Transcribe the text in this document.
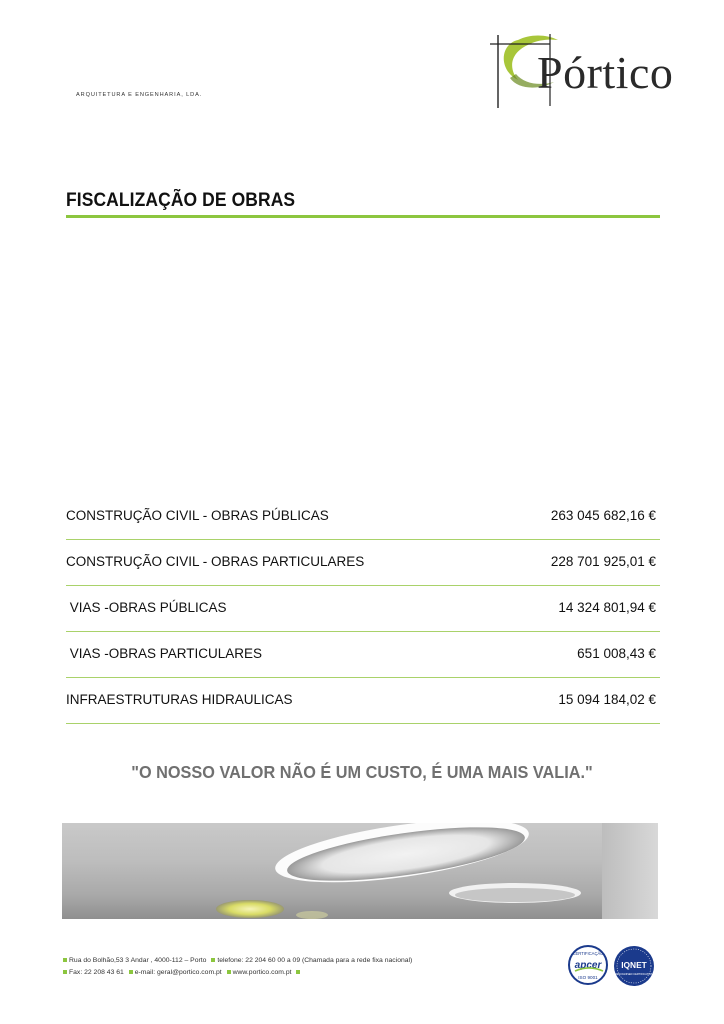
Pórtico
ARQUITETURA E ENGENHARIA, LDA.
FISCALIZAÇÃO DE OBRAS
CONSTRUÇÃO CIVIL - OBRAS PÚBLICAS	263 045 682,16 €
CONSTRUÇÃO CIVIL - OBRAS PARTICULARES	228 701 925,01 €
VIAS -OBRAS PÚBLICAS	14 324 801,94 €
VIAS -OBRAS PARTICULARES	651 008,43 €
INFRAESTRUTURAS HIDRAULICAS	15 094 184,02 €
"O NOSSO VALOR NÃO É UM CUSTO, É UMA MAIS VALIA."
Rua do Bolhão,53 3 Andar , 4000-112 – Porto telefone: 22 204 60 00 a 09 (Chamada para a rede fixa nacional)
Fax: 22 208 43 61 e-mail: geral@portico.com.pt www.portico.com.pt
CERTIFICAÇÃO
apcer
ISO 9001
IQNET
RECOGNISED CERTIFICATION
